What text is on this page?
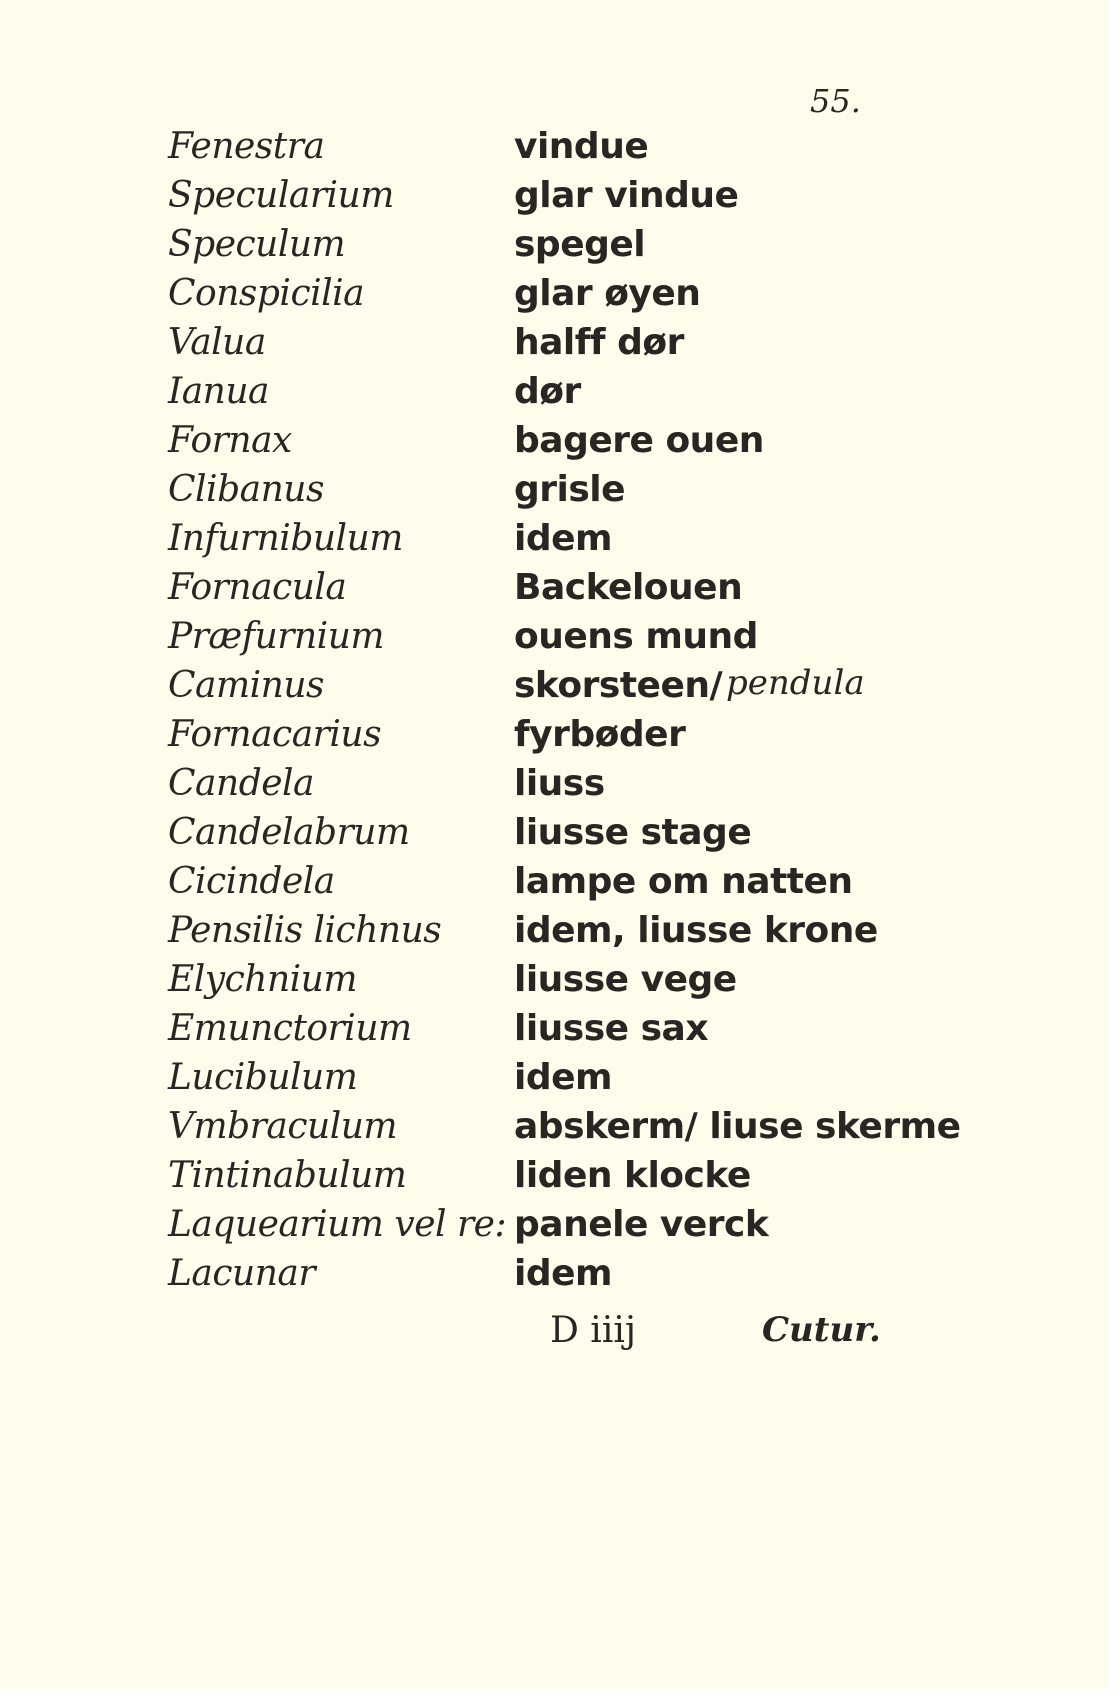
55.
Fenestra
Specularium
Speculum
Conspicilia
Valua
Ianua
Fornax
Clibanus
Infurnibulum
Fornacula
Præfurnium
Caminus
Fornacarius
Candela
Candelabrum
Cicindela
Pensilis lichnus
Elychnium
Emunctorium
Lucibulum
Vmbraculum
Tintinabulum
Laquearium vel re:
Lacunar
vindue
glar vindue
spegel
glar øyen
halff dør
dør
bagere ouen
grisle
idem
Backelouen
ouens mund
skorsteen/
fyrbøder
liuss
liusse stage
lampe om natten
idem, liusse krone
liusse vege
liusse sax
idem
abskerm/ liuse skerme
liden klocke
panele verck
idem
pendula
D iiij	Cutur.
